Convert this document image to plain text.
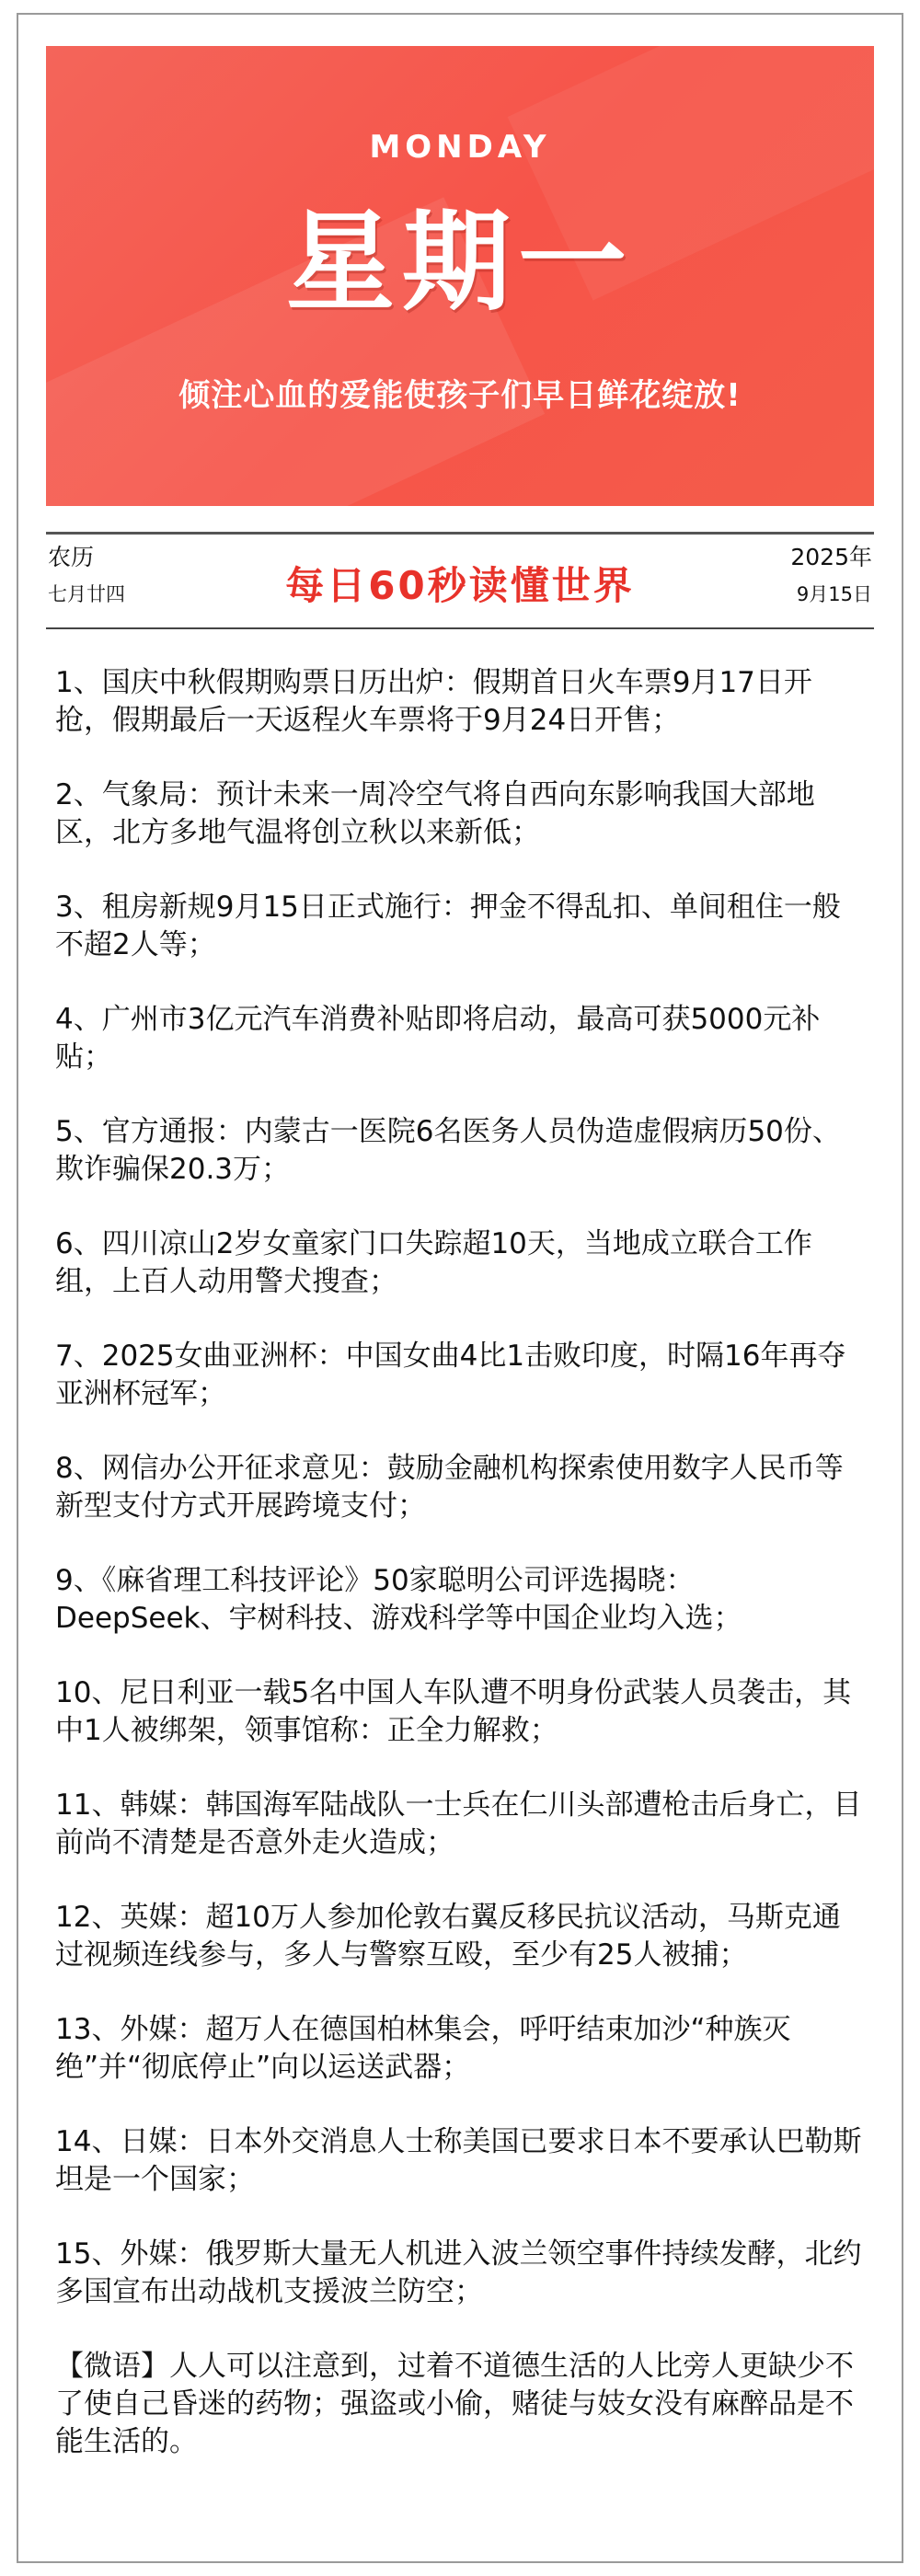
MONDAY
星期一
倾注心血的爱能使孩子们早日鲜花绽放!
农历
七月廿四	每日60秒读懂世界
2025年
9月15日
1、国庆中秋假期购票日历出炉：假期首日火车票9月17日开抢，假期最后一天返程火车票将于9月24日开售；
2、气象局：预计未来一周冷空气将自西向东影响我国大部地区，北方多地气温将创立秋以来新低；
3、租房新规9月15日正式施行：押金不得乱扣、单间租住一般不超2人等；
4、广州市3亿元汽车消费补贴即将启动，最高可获5000元补贴；
5、官方通报：内蒙古一医院6名医务人员伪造虚假病历50份、欺诈骗保20.3万；
6、四川凉山2岁女童家门口失踪超10天，当地成立联合工作组，上百人动用警犬搜查；
7、2025女曲亚洲杯：中国女曲4比1击败印度，时隔16年再夺亚洲杯冠军；
8、网信办公开征求意见：鼓励金融机构探索使用数字人民币等新型支付方式开展跨境支付；
9、《麻省理工科技评论》50家聪明公司评选揭晓：DeepSeek、宇树科技、游戏科学等中国企业均入选；
10、尼日利亚一载5名中国人车队遭不明身份武装人员袭击，其中1人被绑架，领事馆称：正全力解救；
11、韩媒：韩国海军陆战队一士兵在仁川头部遭枪击后身亡，目前尚不清楚是否意外走火造成；
12、英媒：超10万人参加伦敦右翼反移民抗议活动，马斯克通过视频连线参与，多人与警察互殴，至少有25人被捕；
13、外媒：超万人在德国柏林集会，呼吁结束加沙“种族灭绝”并“彻底停止”向以运送武器；
14、日媒：日本外交消息人士称美国已要求日本不要承认巴勒斯坦是一个国家；
15、外媒：俄罗斯大量无人机进入波兰领空事件持续发酵，北约多国宣布出动战机支援波兰防空；
【微语】人人可以注意到，过着不道德生活的人比旁人更缺少不了使自己昏迷的药物；强盗或小偷，赌徒与妓女没有麻醉品是不能生活的。
